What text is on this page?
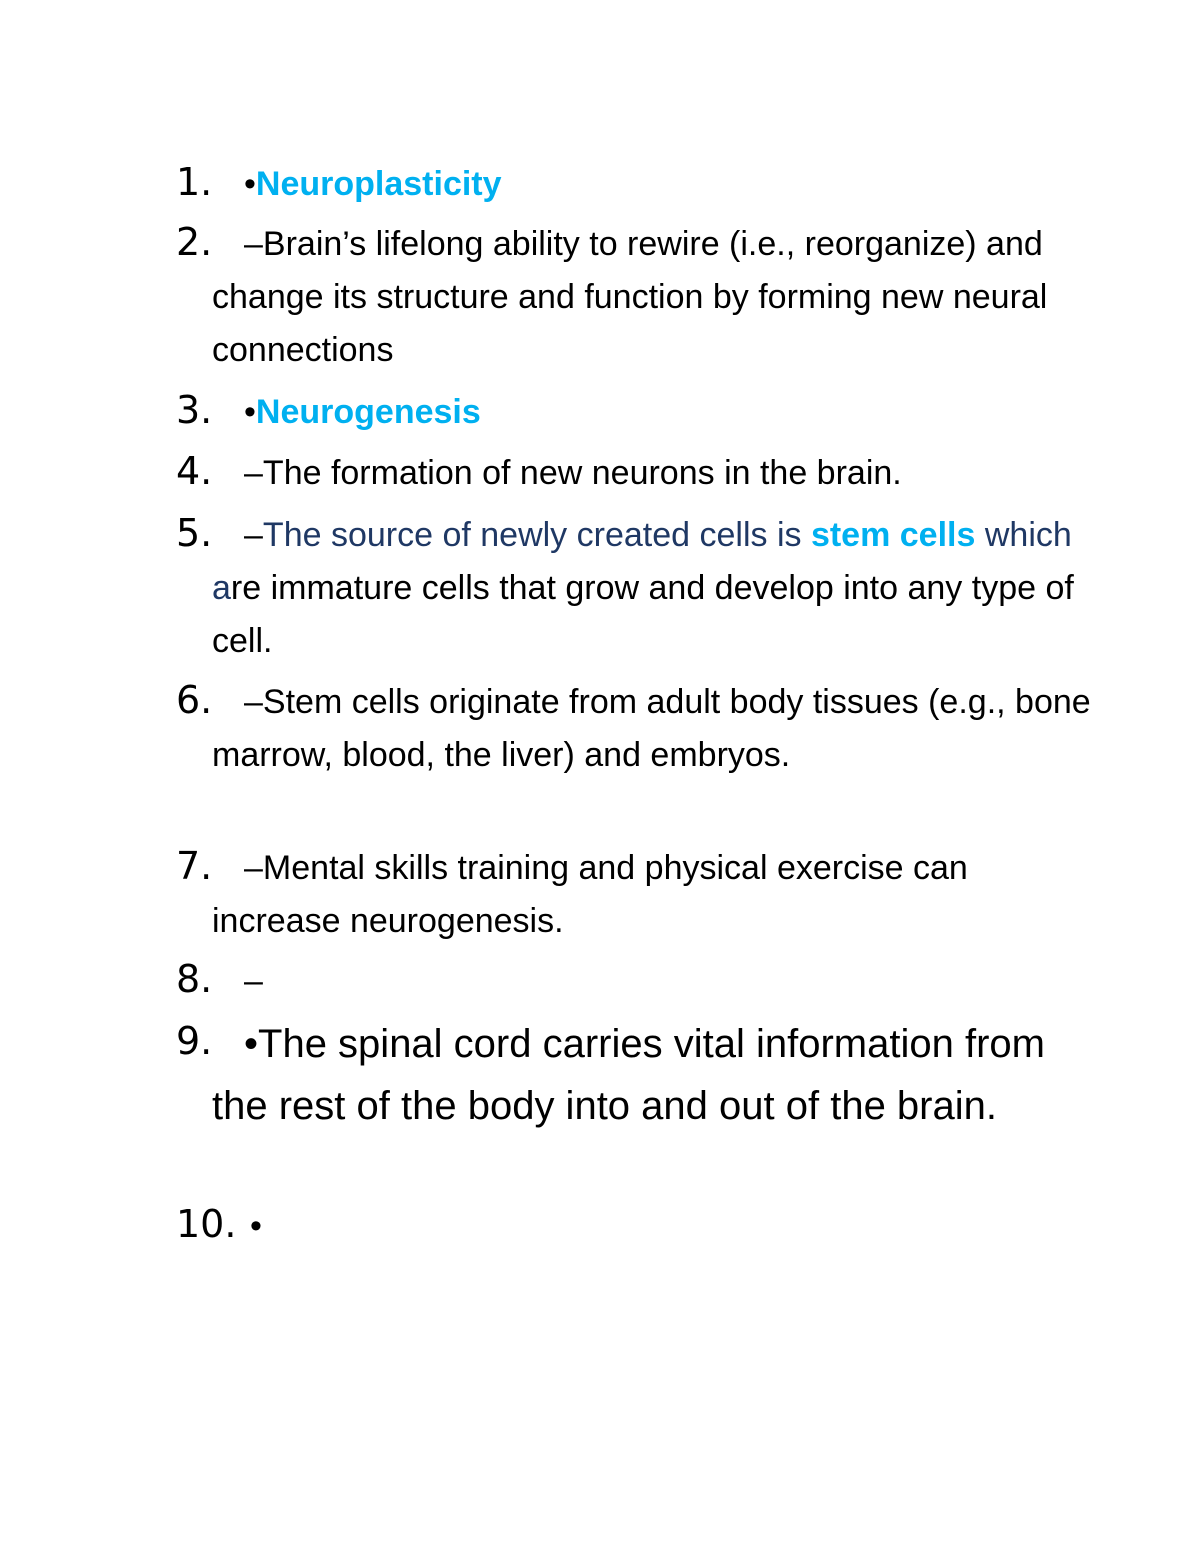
1. •Neuroplasticity
2. –Brain’s lifelong ability to rewire (i.e., reorganize) and change its structure and function by forming new neural connections
3. •Neurogenesis
4. –The formation of new neurons in the brain.
5. –The source of newly created cells is stem cells which are immature cells that grow and develop into any type of cell.
6. –Stem cells originate from adult body tissues (e.g., bone marrow, blood, the liver) and embryos.
7. –Mental skills training and physical exercise can increase neurogenesis.
8. –
9. •The spinal cord carries vital information from the rest of the body into and out of the brain.
10. •
